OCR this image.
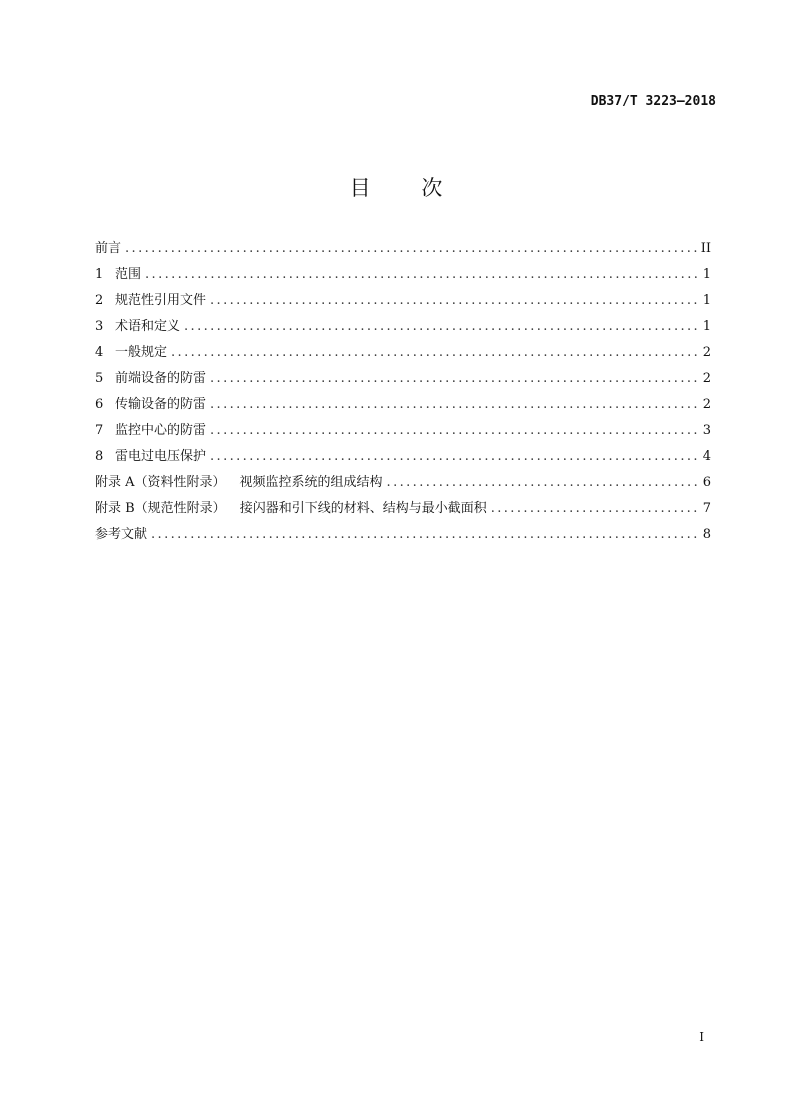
DB37/T 3223—2018
目 次
前言 .....	II
1 范围 .....	1
2 规范性引用文件 .....	1
3 术语和定义 .....	1
4 一般规定 .....	2
5 前端设备的防雷 .....	2
6 传输设备的防雷 .....	2
7 监控中心的防雷 .....	3
8 雷电过电压保护 .....	4
附录 A（资料性附录） 视频监控系统的组成结构 .....	6
附录 B（规范性附录） 接闪器和引下线的材料、结构与最小截面积 .....	7
参考文献 .....	8
I
